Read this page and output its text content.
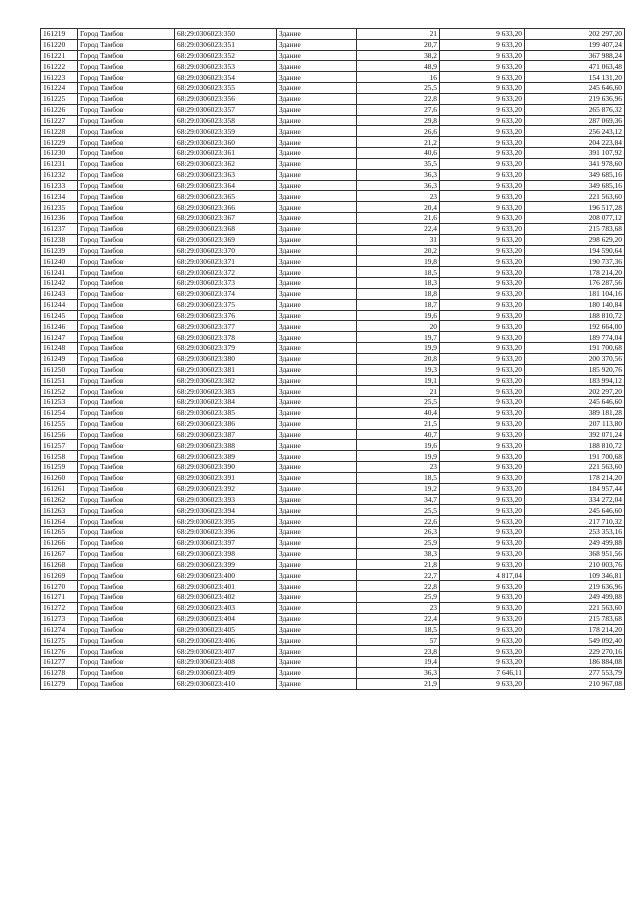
161219	Город Тамбов	68:29:0306023:350	Здание	21	9 633,20	202 297,20
161220	Город Тамбов	68:29:0306023:351	Здание	20,7	9 633,20	199 407,24
161221	Город Тамбов	68:29:0306023:352	Здание	38,2	9 633,20	367 988,24
161222	Город Тамбов	68:29:0306023:353	Здание	48,9	9 633,20	471 063,48
161223	Город Тамбов	68:29:0306023:354	Здание	16	9 633,20	154 131,20
161224	Город Тамбов	68:29:0306023:355	Здание	25,5	9 633,20	245 646,60
161225	Город Тамбов	68:29:0306023:356	Здание	22,8	9 633,20	219 636,96
161226	Город Тамбов	68:29:0306023:357	Здание	27,6	9 633,20	265 876,32
161227	Город Тамбов	68:29:0306023:358	Здание	29,8	9 633,20	287 069,36
161228	Город Тамбов	68:29:0306023:359	Здание	26,6	9 633,20	256 243,12
161229	Город Тамбов	68:29:0306023:360	Здание	21,2	9 633,20	204 223,84
161230	Город Тамбов	68:29:0306023:361	Здание	40,6	9 633,20	391 107,92
161231	Город Тамбов	68:29:0306023:362	Здание	35,5	9 633,20	341 978,60
161232	Город Тамбов	68:29:0306023:363	Здание	36,3	9 633,20	349 685,16
161233	Город Тамбов	68:29:0306023:364	Здание	36,3	9 633,20	349 685,16
161234	Город Тамбов	68:29:0306023:365	Здание	23	9 633,20	221 563,60
161235	Город Тамбов	68:29:0306023:366	Здание	20,4	9 633,20	196 517,28
161236	Город Тамбов	68:29:0306023:367	Здание	21,6	9 633,20	208 077,12
161237	Город Тамбов	68:29:0306023:368	Здание	22,4	9 633,20	215 783,68
161238	Город Тамбов	68:29:0306023:369	Здание	31	9 633,20	298 629,20
161239	Город Тамбов	68:29:0306023:370	Здание	20,2	9 633,20	194 590,64
161240	Город Тамбов	68:29:0306023:371	Здание	19,8	9 633,20	190 737,36
161241	Город Тамбов	68:29:0306023:372	Здание	18,5	9 633,20	178 214,20
161242	Город Тамбов	68:29:0306023:373	Здание	18,3	9 633,20	176 287,56
161243	Город Тамбов	68:29:0306023:374	Здание	18,8	9 633,20	181 104,16
161244	Город Тамбов	68:29:0306023:375	Здание	18,7	9 633,20	180 140,84
161245	Город Тамбов	68:29:0306023:376	Здание	19,6	9 633,20	188 810,72
161246	Город Тамбов	68:29:0306023:377	Здание	20	9 633,20	192 664,00
161247	Город Тамбов	68:29:0306023:378	Здание	19,7	9 633,20	189 774,04
161248	Город Тамбов	68:29:0306023:379	Здание	19,9	9 633,20	191 700,68
161249	Город Тамбов	68:29:0306023:380	Здание	20,8	9 633,20	200 370,56
161250	Город Тамбов	68:29:0306023:381	Здание	19,3	9 633,20	185 920,76
161251	Город Тамбов	68:29:0306023:382	Здание	19,1	9 633,20	183 994,12
161252	Город Тамбов	68:29:0306023:383	Здание	21	9 633,20	202 297,20
161253	Город Тамбов	68:29:0306023:384	Здание	25,5	9 633,20	245 646,60
161254	Город Тамбов	68:29:0306023:385	Здание	40,4	9 633,20	389 181,28
161255	Город Тамбов	68:29:0306023:386	Здание	21,5	9 633,20	207 113,80
161256	Город Тамбов	68:29:0306023:387	Здание	40,7	9 633,20	392 071,24
161257	Город Тамбов	68:29:0306023:388	Здание	19,6	9 633,20	188 810,72
161258	Город Тамбов	68:29:0306023:389	Здание	19,9	9 633,20	191 700,68
161259	Город Тамбов	68:29:0306023:390	Здание	23	9 633,20	221 563,60
161260	Город Тамбов	68:29:0306023:391	Здание	18,5	9 633,20	178 214,20
161261	Город Тамбов	68:29:0306023:392	Здание	19,2	9 633,20	184 957,44
161262	Город Тамбов	68:29:0306023:393	Здание	34,7	9 633,20	334 272,04
161263	Город Тамбов	68:29:0306023:394	Здание	25,5	9 633,20	245 646,60
161264	Город Тамбов	68:29:0306023:395	Здание	22,6	9 633,20	217 710,32
161265	Город Тамбов	68:29:0306023:396	Здание	26,3	9 633,20	253 353,16
161266	Город Тамбов	68:29:0306023:397	Здание	25,9	9 633,20	249 499,88
161267	Город Тамбов	68:29:0306023:398	Здание	38,3	9 633,20	368 951,56
161268	Город Тамбов	68:29:0306023:399	Здание	21,8	9 633,20	210 003,76
161269	Город Тамбов	68:29:0306023:400	Здание	22,7	4 817,04	109 346,81
161270	Город Тамбов	68:29:0306023:401	Здание	22,8	9 633,20	219 636,96
161271	Город Тамбов	68:29:0306023:402	Здание	25,9	9 633,20	249 499,88
161272	Город Тамбов	68:29:0306023:403	Здание	23	9 633,20	221 563,60
161273	Город Тамбов	68:29:0306023:404	Здание	22,4	9 633,20	215 783,68
161274	Город Тамбов	68:29:0306023:405	Здание	18,5	9 633,20	178 214,20
161275	Город Тамбов	68:29:0306023:406	Здание	57	9 633,20	549 092,40
161276	Город Тамбов	68:29:0306023:407	Здание	23,8	9 633,20	229 270,16
161277	Город Тамбов	68:29:0306023:408	Здание	19,4	9 633,20	186 884,08
161278	Город Тамбов	68:29:0306023:409	Здание	36,3	7 646,11	277 553,79
161279	Город Тамбов	68:29:0306023:410	Здание	21,9	9 633,20	210 967,08
